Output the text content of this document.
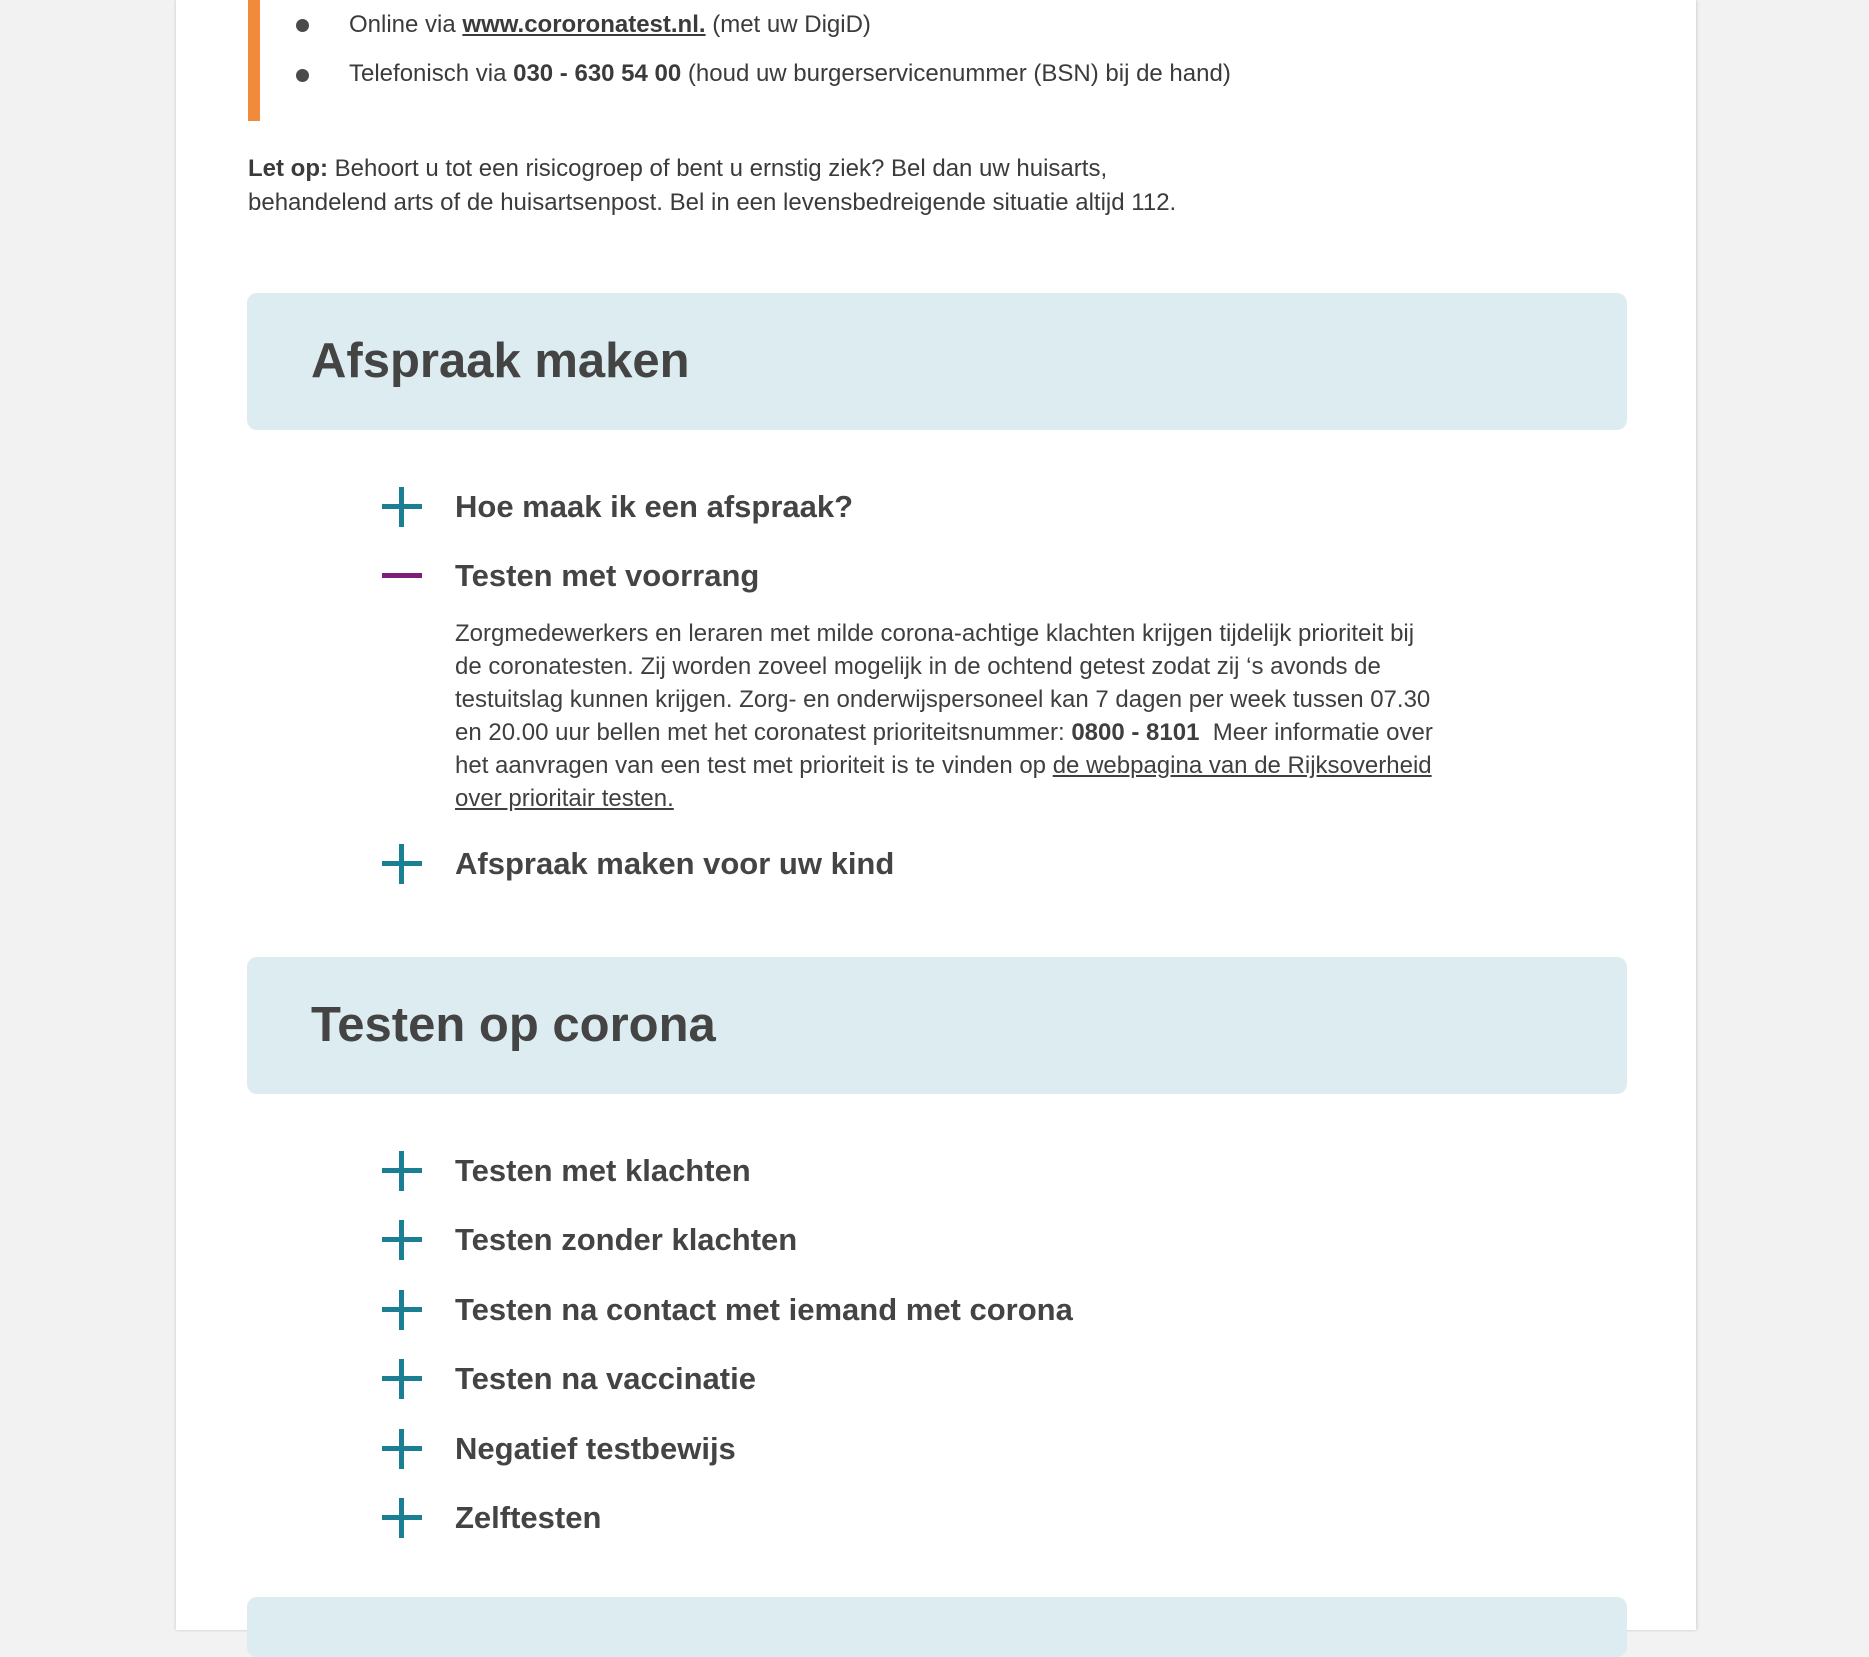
Online via www.cororonatest.nl. (met uw DigiD)
Telefonisch via 030 - 630 54 00 (houd uw burgerservicenummer (BSN) bij de hand)
Let op: Behoort u tot een risicogroep of bent u ernstig ziek? Bel dan uw huisarts,
behandelend arts of de huisartsenpost. Bel in een levensbedreigende situatie altijd 112.
Afspraak maken
Hoe maak ik een afspraak?
Testen met voorrang
Zorgmedewerkers en leraren met milde corona-achtige klachten krijgen tijdelijk prioriteit bij de coronatesten. Zij worden zoveel mogelijk in de ochtend getest zodat zij ‘s avonds de testuitslag kunnen krijgen. Zorg- en onderwijspersoneel kan 7 dagen per week tussen 07.30 en 20.00 uur bellen met het coronatest prioriteitsnummer: 0800 - 8101 Meer informatie over het aanvragen van een test met prioriteit is te vinden op de webpagina van de Rijksoverheid over prioritair testen.
Afspraak maken voor uw kind
Testen op corona
Testen met klachten
Testen zonder klachten
Testen na contact met iemand met corona
Testen na vaccinatie
Negatief testbewijs
Zelftesten
